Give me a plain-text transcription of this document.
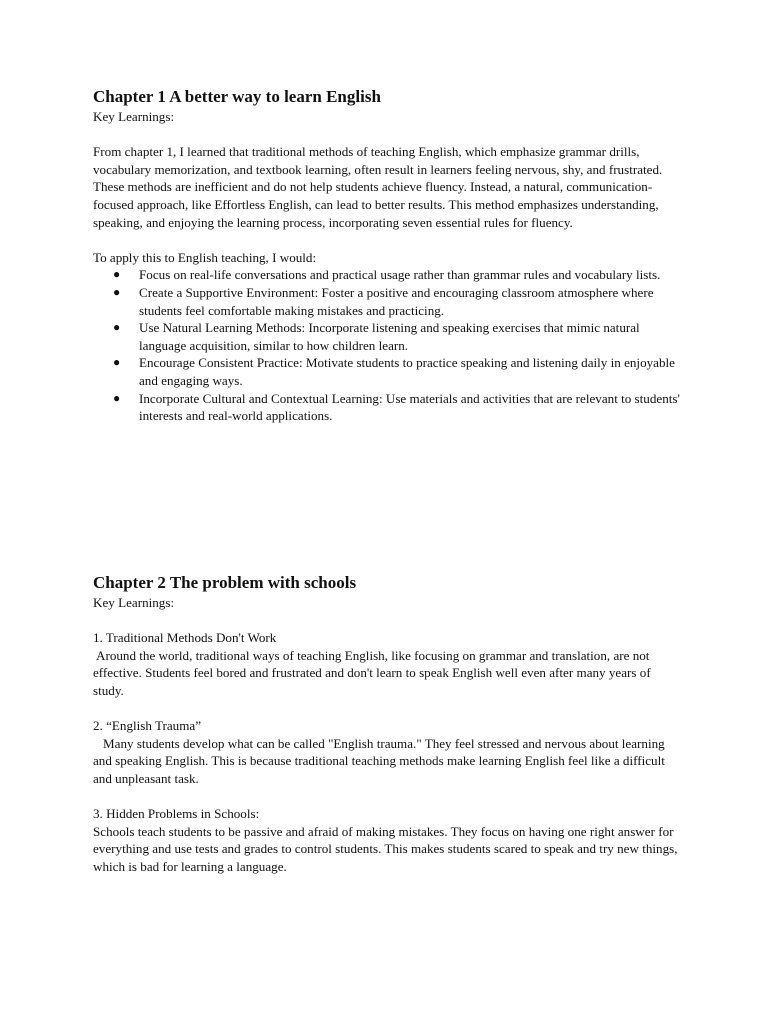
Chapter 1 A better way to learn English

Key Learnings:

From chapter 1, I learned that traditional methods of teaching English, which emphasize grammar drills, vocabulary memorization, and textbook learning, often result in learners feeling nervous, shy, and frustrated. These methods are inefficient and do not help students achieve fluency. Instead, a natural, communication-focused approach, like Effortless English, can lead to better results. This method emphasizes understanding, speaking, and enjoying the learning process, incorporating seven essential rules for fluency.

To apply this to English teaching, I would:

● Focus on real-life conversations and practical usage rather than grammar rules and vocabulary lists.
● Create a Supportive Environment: Foster a positive and encouraging classroom atmosphere where students feel comfortable making mistakes and practicing.
● Use Natural Learning Methods: Incorporate listening and speaking exercises that mimic natural language acquisition, similar to how children learn.
● Encourage Consistent Practice: Motivate students to practice speaking and listening daily in enjoyable and engaging ways.
● Incorporate Cultural and Contextual Learning: Use materials and activities that are relevant to students' interests and real-world applications.
Chapter 2 The problem with schools

Key Learnings:

1. Traditional Methods Don't Work

Around the world, traditional ways of teaching English, like focusing on grammar and translation, are not effective. Students feel bored and frustrated and don't learn to speak English well even after many years of study.

2. “English Trauma”

Many students develop what can be called "English trauma." They feel stressed and nervous about learning and speaking English. This is because traditional teaching methods make learning English feel like a difficult and unpleasant task.

3. Hidden Problems in Schools:

Schools teach students to be passive and afraid of making mistakes. They focus on having one right answer for everything and use tests and grades to control students. This makes students scared to speak and try new things, which is bad for learning a language.
